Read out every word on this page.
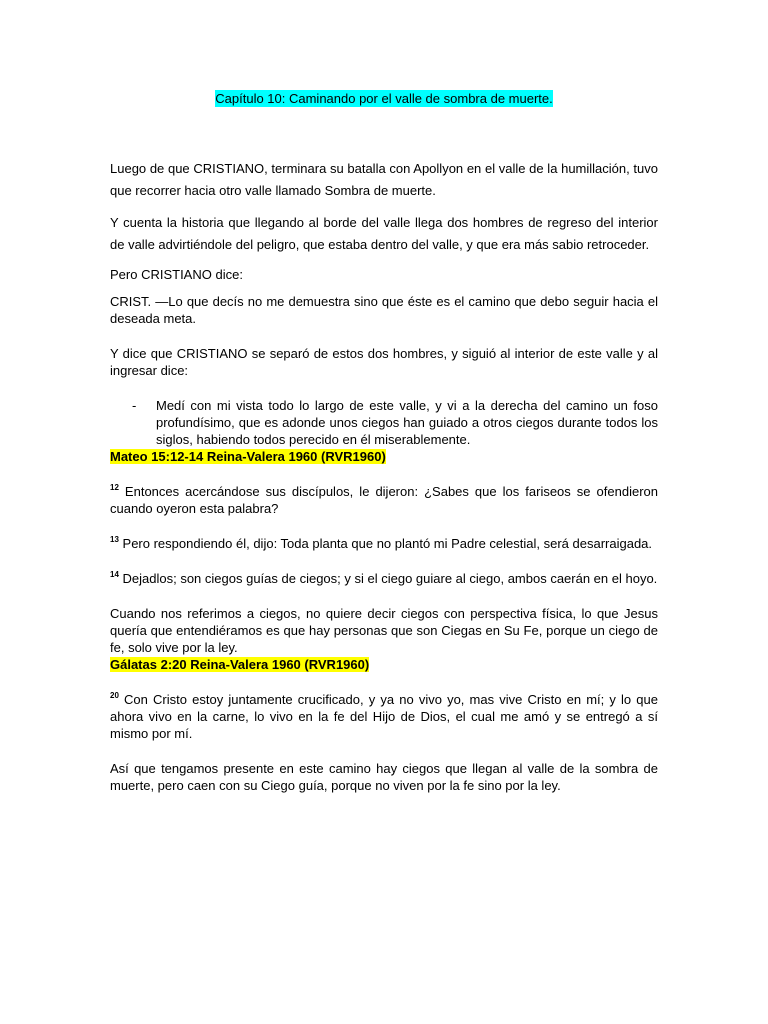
Capítulo 10: Caminando por el valle de sombra de muerte.

Luego de que CRISTIANO, terminara su batalla con Apollyon en el valle de la humillación, tuvo que recorrer hacia otro valle llamado Sombra de muerte.

Y cuenta la historia que llegando al borde del valle llega dos hombres de regreso del interior de valle advirtiéndole del peligro, que estaba dentro del valle, y que era más sabio retroceder.

Pero CRISTIANO dice:

CRIST. —Lo que decís no me demuestra sino que éste es el camino que debo seguir hacia el deseada meta.

Y dice que CRISTIANO se separó de estos dos hombres, y siguió al interior de este valle y al ingresar dice:

- Medí con mi vista todo lo largo de este valle, y vi a la derecha del camino un foso profundísimo, que es adonde unos ciegos han guiado a otros ciegos durante todos los siglos, habiendo todos perecido en él miserablemente.

Mateo 15:12-14 Reina-Valera 1960 (RVR1960)

$^{12}$ Entonces acercándose sus discípulos, le dijeron: ¿Sabes que los fariseos se ofendieron cuando oyeron esta palabra?

$^{13}$ Pero respondiendo él, dijo: Toda planta que no plantó mi Padre celestial, será desarraigada.

$^{14}$ Dejadlos; son ciegos guías de ciegos; y si el ciego guiare al ciego, ambos caerán en el hoyo.

Cuando nos referimos a ciegos, no quiere decir ciegos con perspectiva física, lo que Jesus quería que entendiéramos es que hay personas que son Ciegas en Su Fe, porque un ciego de fe, solo vive por la ley.

Gálatas 2:20 Reina-Valera 1960 (RVR1960)

$^{20}$ Con Cristo estoy juntamente crucificado, y ya no vivo yo, mas vive Cristo en mí; y lo que ahora vivo en la carne, lo vivo en la fe del Hijo de Dios, el cual me amó y se entregó a sí mismo por mí.

Así que tengamos presente en este camino hay ciegos que llegan al valle de la sombra de muerte, pero caen con su Ciego guía, porque no viven por la fe sino por la ley.
